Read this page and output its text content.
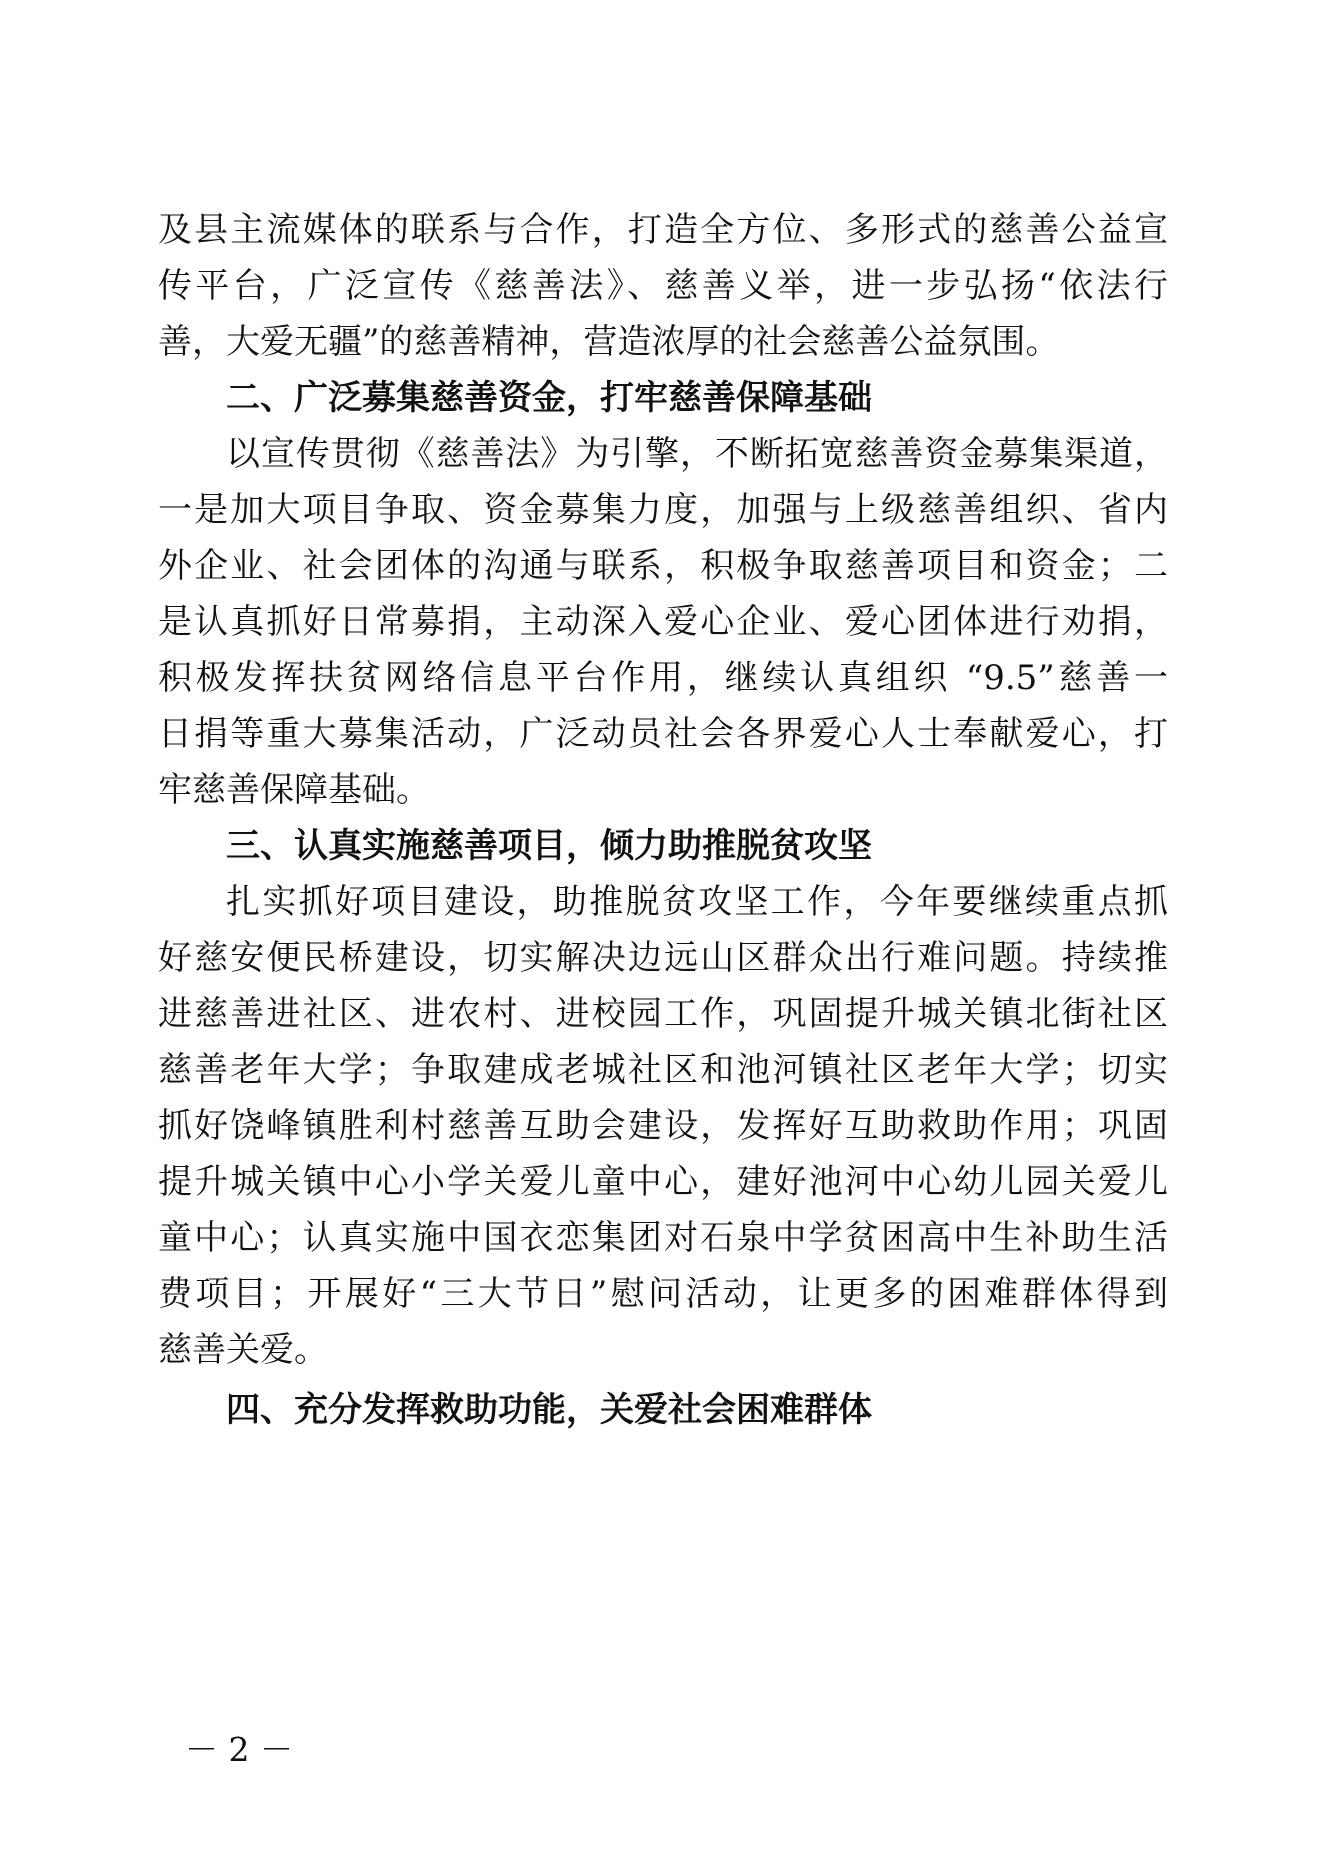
及县主流媒体的联系与合作，打造全方位、多形式的慈善公益宣
传平台，广泛宣传《慈善法》、慈善义举，进一步弘扬“依法行
善，大爱无疆”的慈善精神，营造浓厚的社会慈善公益氛围。
二、广泛募集慈善资金，打牢慈善保障基础
以宣传贯彻《慈善法》为引擎，不断拓宽慈善资金募集渠道，
一是加大项目争取、资金募集力度，加强与上级慈善组织、省内
外企业、社会团体的沟通与联系，积极争取慈善项目和资金；二
是认真抓好日常募捐，主动深入爱心企业、爱心团体进行劝捐，
积极发挥扶贫网络信息平台作用，继续认真组织 “9.5”慈善一
日捐等重大募集活动，广泛动员社会各界爱心人士奉献爱心，打
牢慈善保障基础。
三、认真实施慈善项目，倾力助推脱贫攻坚
扎实抓好项目建设，助推脱贫攻坚工作，今年要继续重点抓
好慈安便民桥建设，切实解决边远山区群众出行难问题。持续推
进慈善进社区、进农村、进校园工作，巩固提升城关镇北街社区
慈善老年大学；争取建成老城社区和池河镇社区老年大学；切实
抓好饶峰镇胜利村慈善互助会建设，发挥好互助救助作用；巩固
提升城关镇中心小学关爱儿童中心，建好池河中心幼儿园关爱儿
童中心；认真实施中国衣恋集团对石泉中学贫困高中生补助生活
费项目；开展好“三大节日”慰问活动，让更多的困难群体得到
慈善关爱。
四、充分发挥救助功能，关爱社会困难群体
－ 2 －
